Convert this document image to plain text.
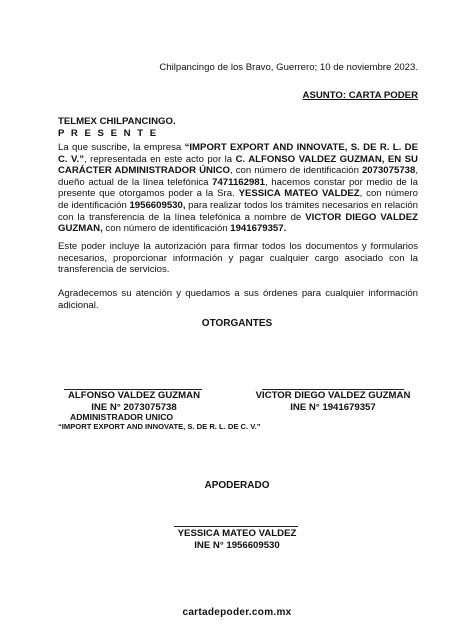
Chilpancingo de los Bravo, Guerrero; 10 de noviembre 2023.
ASUNTO: CARTA PODER
TELMEX CHILPANCINGO.
P R E S E N T E
La que suscribe, la empresa “IMPORT EXPORT AND INNOVATE, S. DE R. L. DE C. V.”, representada en este acto por la C. ALFONSO VALDEZ GUZMAN, EN SU CARÁCTER ADMINISTRADOR ÚNICO, con número de identificación 2073075738, dueño actual de la línea telefónica 7471162981, hacemos constar por medio de la presente que otorgamos poder a la Sra. YESSICA MATEO VALDEZ, con número de identificación 1956609530, para realizar todos los trámites necesarios en relación con la transferencia de la línea telefónica a nombre de VICTOR DIEGO VALDEZ GUZMAN, con número de identificación 1941679357.
Este poder incluye la autorización para firmar todos los documentos y formularios necesarios, proporcionar información y pagar cualquier cargo asociado con la transferencia de servicios.
Agradecemos su atención y quedamos a sus órdenes para cualquier información adicional.
OTORGANTES
ALFONSO VALDEZ GUZMAN
INE N° 2073075738
ADMINISTRADOR UNICO
“IMPORT EXPORT AND INNOVATE, S. DE R. L. DE C. V.”
VICTOR DIEGO VALDEZ GUZMAN
INE N° 1941679357
APODERADO
YESSICA MATEO VALDEZ
INE N° 1956609530
cartadepoder.com.mx
